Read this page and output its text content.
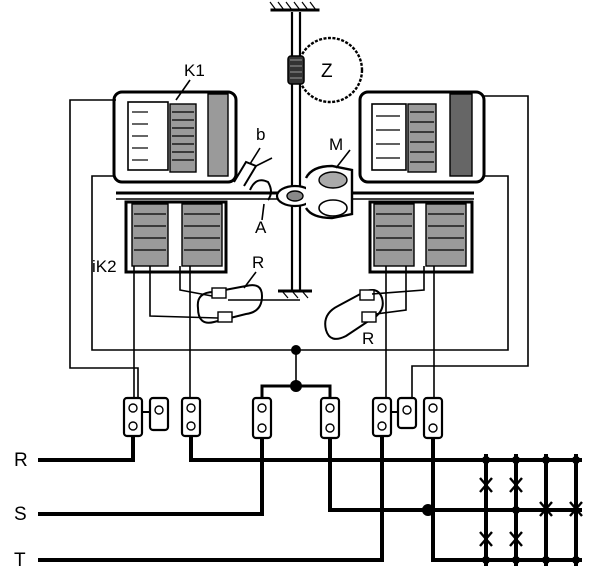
Z
M
b
A
K1
iK2	R
R
R
S
T
